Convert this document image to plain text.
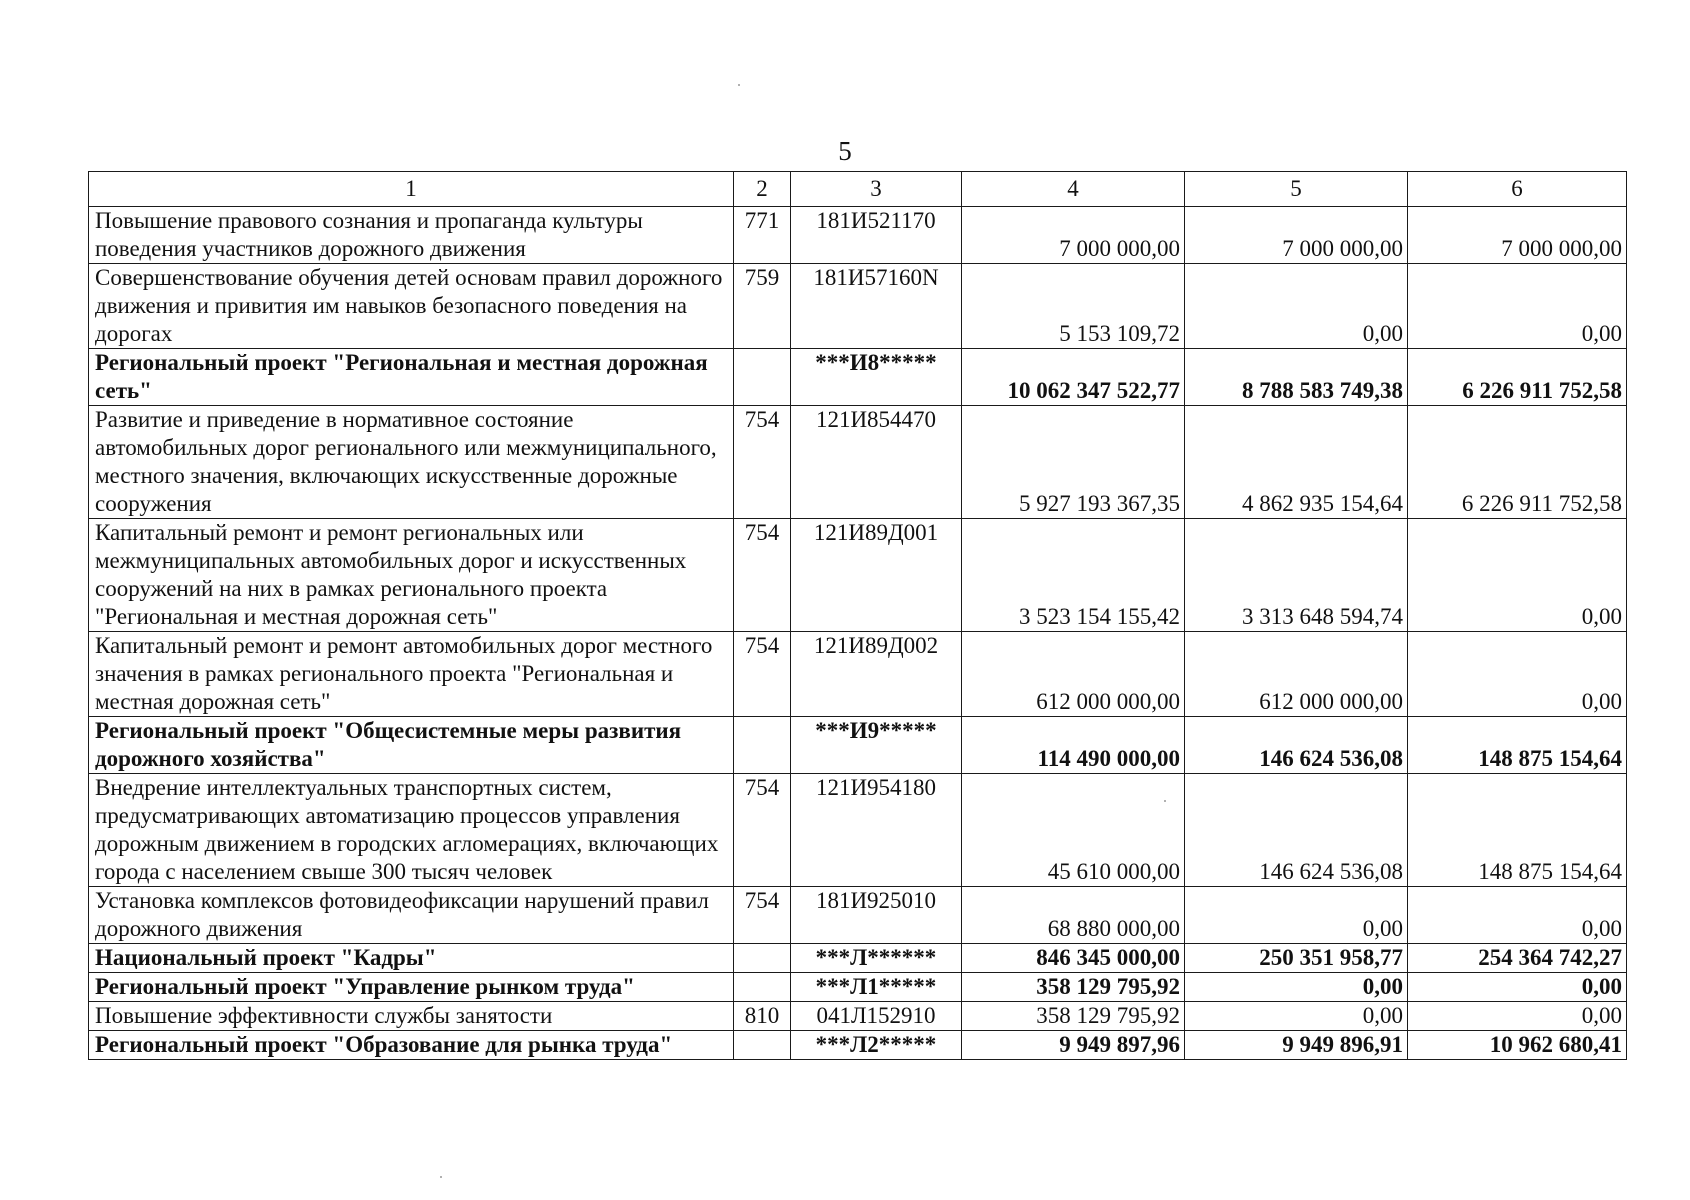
5
1	2	3	4	5	6
Повышение правового сознания и пропаганда культуры поведения участников дорожного движения	771	181И521170	7 000 000,00	7 000 000,00	7 000 000,00
Совершенствование обучения детей основам правил дорожного движения и привития им навыков безопасного поведения на дорогах	759	181И57160N	5 153 109,72	0,00	0,00
Региональный проект "Региональная и местная дорожная сеть"		***И8*****	10 062 347 522,77	8 788 583 749,38	6 226 911 752,58
Развитие и приведение в нормативное состояние автомобильных дорог регионального или межмуниципального, местного значения, включающих искусственные дорожные сооружения	754	121И854470	5 927 193 367,35	4 862 935 154,64	6 226 911 752,58
Капитальный ремонт и ремонт региональных или межмуниципальных автомобильных дорог и искусственных сооружений на них в рамках регионального проекта "Региональная и местная дорожная сеть"	754	121И89Д001	3 523 154 155,42	3 313 648 594,74	0,00
Капитальный ремонт и ремонт автомобильных дорог местного значения в рамках регионального проекта "Региональная и местная дорожная сеть"	754	121И89Д002	612 000 000,00	612 000 000,00	0,00
Региональный проект "Общесистемные меры развития дорожного хозяйства"		***И9*****	114 490 000,00	146 624 536,08	148 875 154,64
Внедрение интеллектуальных транспортных систем, предусматривающих автоматизацию процессов управления дорожным движением в городских агломерациях, включающих города с населением свыше 300 тысяч человек	754	121И954180	45 610 000,00	146 624 536,08	148 875 154,64
Установка комплексов фотовидеофиксации нарушений правил дорожного движения	754	181И925010	68 880 000,00	0,00	0,00
Национальный проект "Кадры"		***Л******	846 345 000,00	250 351 958,77	254 364 742,27
Региональный проект "Управление рынком труда"		***Л1*****	358 129 795,92	0,00	0,00
Повышение эффективности службы занятости	810	041Л152910	358 129 795,92	0,00	0,00
Региональный проект "Образование для рынка труда"		***Л2*****	9 949 897,96	9 949 896,91	10 962 680,41
